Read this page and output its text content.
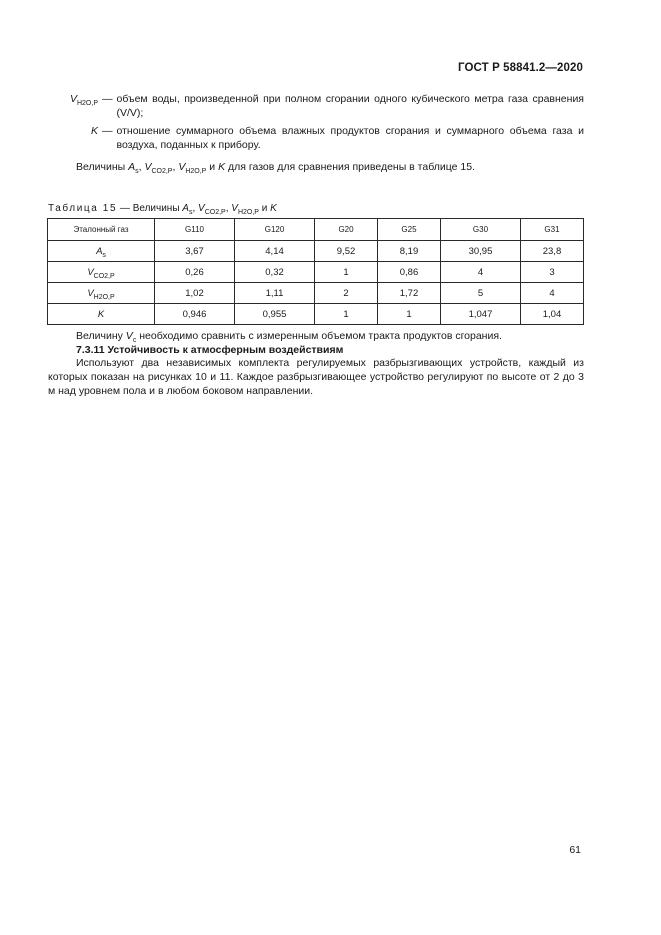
ГОСТ Р 58841.2—2020
$V_{H2O,P}$ — объем воды, произведенной при полном сгорании одного кубического метра газа сравнения (V/V);
K — отношение суммарного объема влажных продуктов сгорания и суммарного объема газа и воздуха, поданных к прибору.
Величины $A_s$, $V_{CO2,P}$, $V_{H2O,P}$ и K для газов для сравнения приведены в таблице 15.
Таблица 15 — Величины $A_s$, $V_{CO2,P}$, $V_{H2O,P}$ и K
Эталонный газ	G110	G120	G20	G25	G30	G31
$A_s$	3,67	4,14	9,52	8,19	30,95	23,8
$V_{CO2,P}$	0,26	0,32	1	0,86	4	3
$V_{H2O,P}$	1,02	1,11	2	1,72	5	4
K	0,946	0,955	1	1	1,047	1,04
Величину $V_c$ необходимо сравнить с измеренным объемом тракта продуктов сгорания.
7.3.11 Устойчивость к атмосферным воздействиям
Используют два независимых комплекта регулируемых разбрызгивающих устройств, каждый из которых показан на рисунках 10 и 11. Каждое разбрызгивающее устройство регулируют по высоте от 2 до 3 м над уровнем пола и в любом боковом направлении.
61
